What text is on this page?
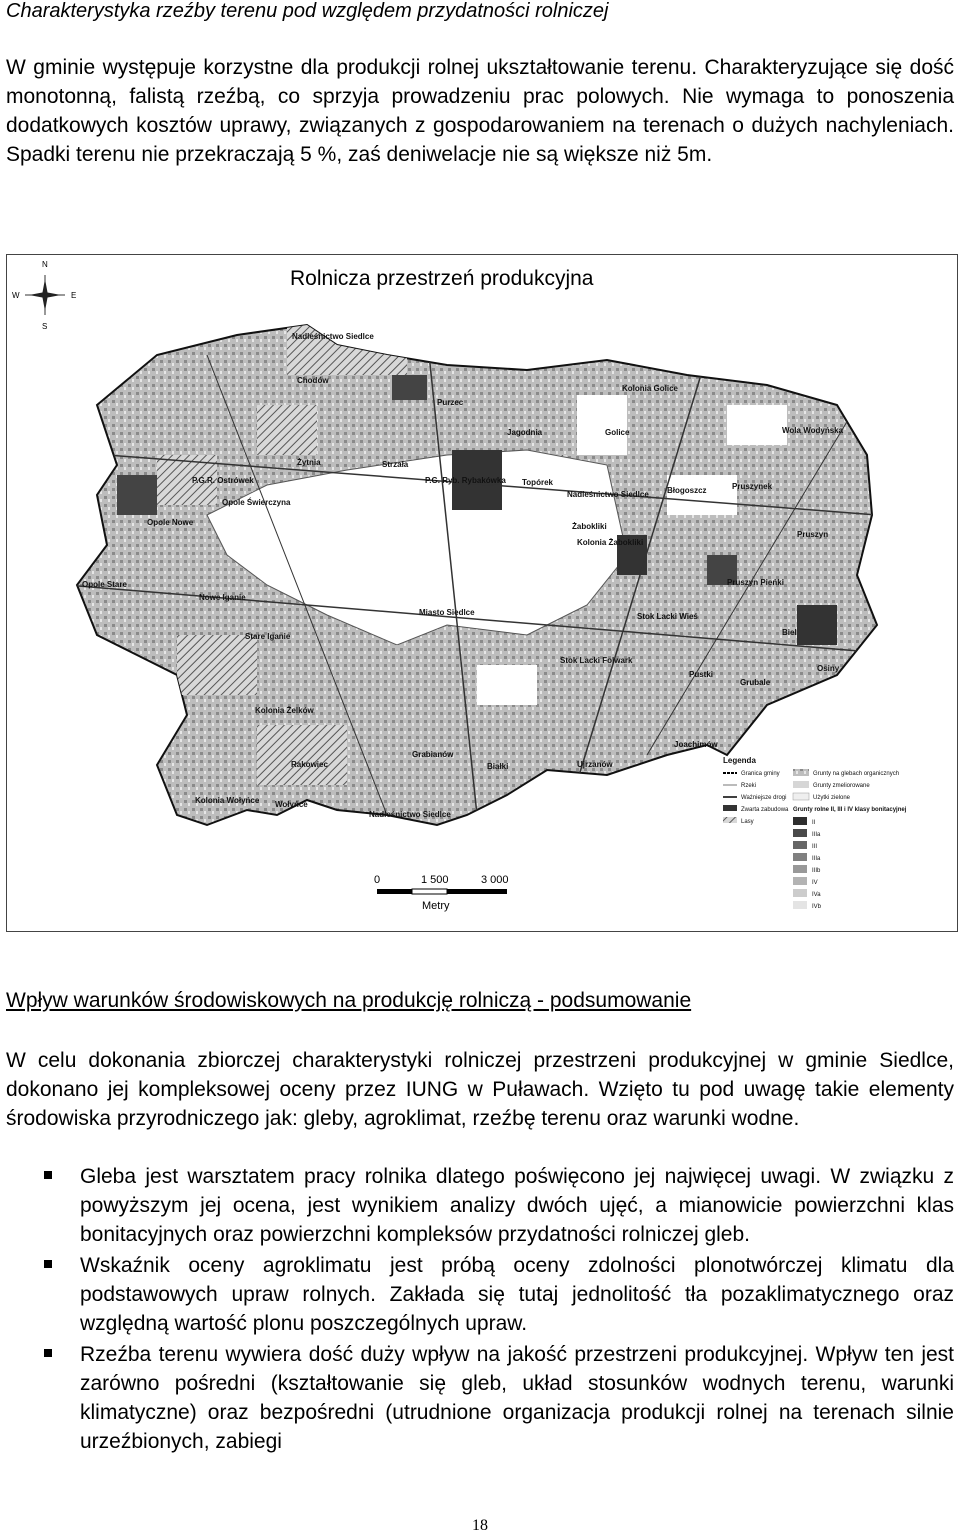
Charakterystyka rzeźby terenu pod względem przydatności rolniczej

W gminie występuje korzystne dla produkcji rolnej ukształtowanie terenu. Charakteryzujące się dość monotonną, falistą rzeźbą, co sprzyja prowadzeniu prac polowych. Nie wymaga to ponoszenia dodatkowych kosztów uprawy, związanych z gospodarowaniem na terenach o dużych nachyleniach. Spadki terenu nie przekraczają 5 %, zaś deniwelacje nie są większe niż 5m.

Rolnicza przestrzeń produkcyjna
N
S
W	E
Nadleśnictwo Siedlce
Chodów
Purzec
Kolonia Golice
Jagodnia	Golice	Wola Wodyńska
Żytnia	Strzała
P.G.R. Ostrówek
Opole Świerczyna
P.G. Ryb. Rybakówka Topórek
Nadleśnictwo Siedlce Błogoszcz	Pruszynek
Opole Nowe	Żabokliki
Kolonia Żabokliki
Pruszyn
Opole Stare
Nowe Iganie
Pruszyn Pieńki
Miasto Siedlce	Stok Lacki Wieś
Stare Iganie	Biel
Stok Lacki Folwark
Osiny
Pustki
Grubale
Kolonia Żelków
Joachimów
Grabianów
Rakowiec	Białki	Ujrzanów
Kolonia Wołyńce Wołyńce
Nadleśnictwo Siedlce
Legenda
Granica gminy
Rzeki
Ważniejsze drogi
Zwarta zabudowa
Lasy
Grunty na glebach organicznych
Grunty zmeliorowane
Użytki zielone
Grunty rolne II, III i IV klasy bonitacyjnej
II
IIIa
III
IIIa
IIIb
IV
IVa
IVb
0	1 500	3 000
Metry
Wpływ warunków środowiskowych na produkcję rolniczą - podsumowanie

W celu dokonania zbiorczej charakterystyki rolniczej przestrzeni produkcyjnej w gminie Siedlce, dokonano jej kompleksowej oceny przez IUNG w Puławach. Wzięto tu pod uwagę takie elementy środowiska przyrodniczego jak: gleby, agroklimat, rzeźbę terenu oraz warunki wodne.

Gleba jest warsztatem pracy rolnika dlatego poświęcono jej najwięcej uwagi. W związku z powyższym jej ocena, jest wynikiem analizy dwóch ujęć, a mianowicie powierzchni klas bonitacyjnych oraz powierzchni kompleksów przydatności rolniczej gleb.
Wskaźnik oceny agroklimatu jest próbą oceny zdolności plonotwórczej klimatu dla podstawowych upraw rolnych. Zakłada się tutaj jednolitość tła pozaklimatycznego oraz względną wartość plonu poszczególnych upraw.
Rzeźba terenu wywiera dość duży wpływ na jakość przestrzeni produkcyjnej. Wpływ ten jest zarówno pośredni (kształtowanie się gleb, układ stosunków wodnych terenu, warunki klimatyczne) oraz bezpośredni (utrudnione organizacja produkcji rolnej na terenach silnie urzeźbionych, zabiegi
18
